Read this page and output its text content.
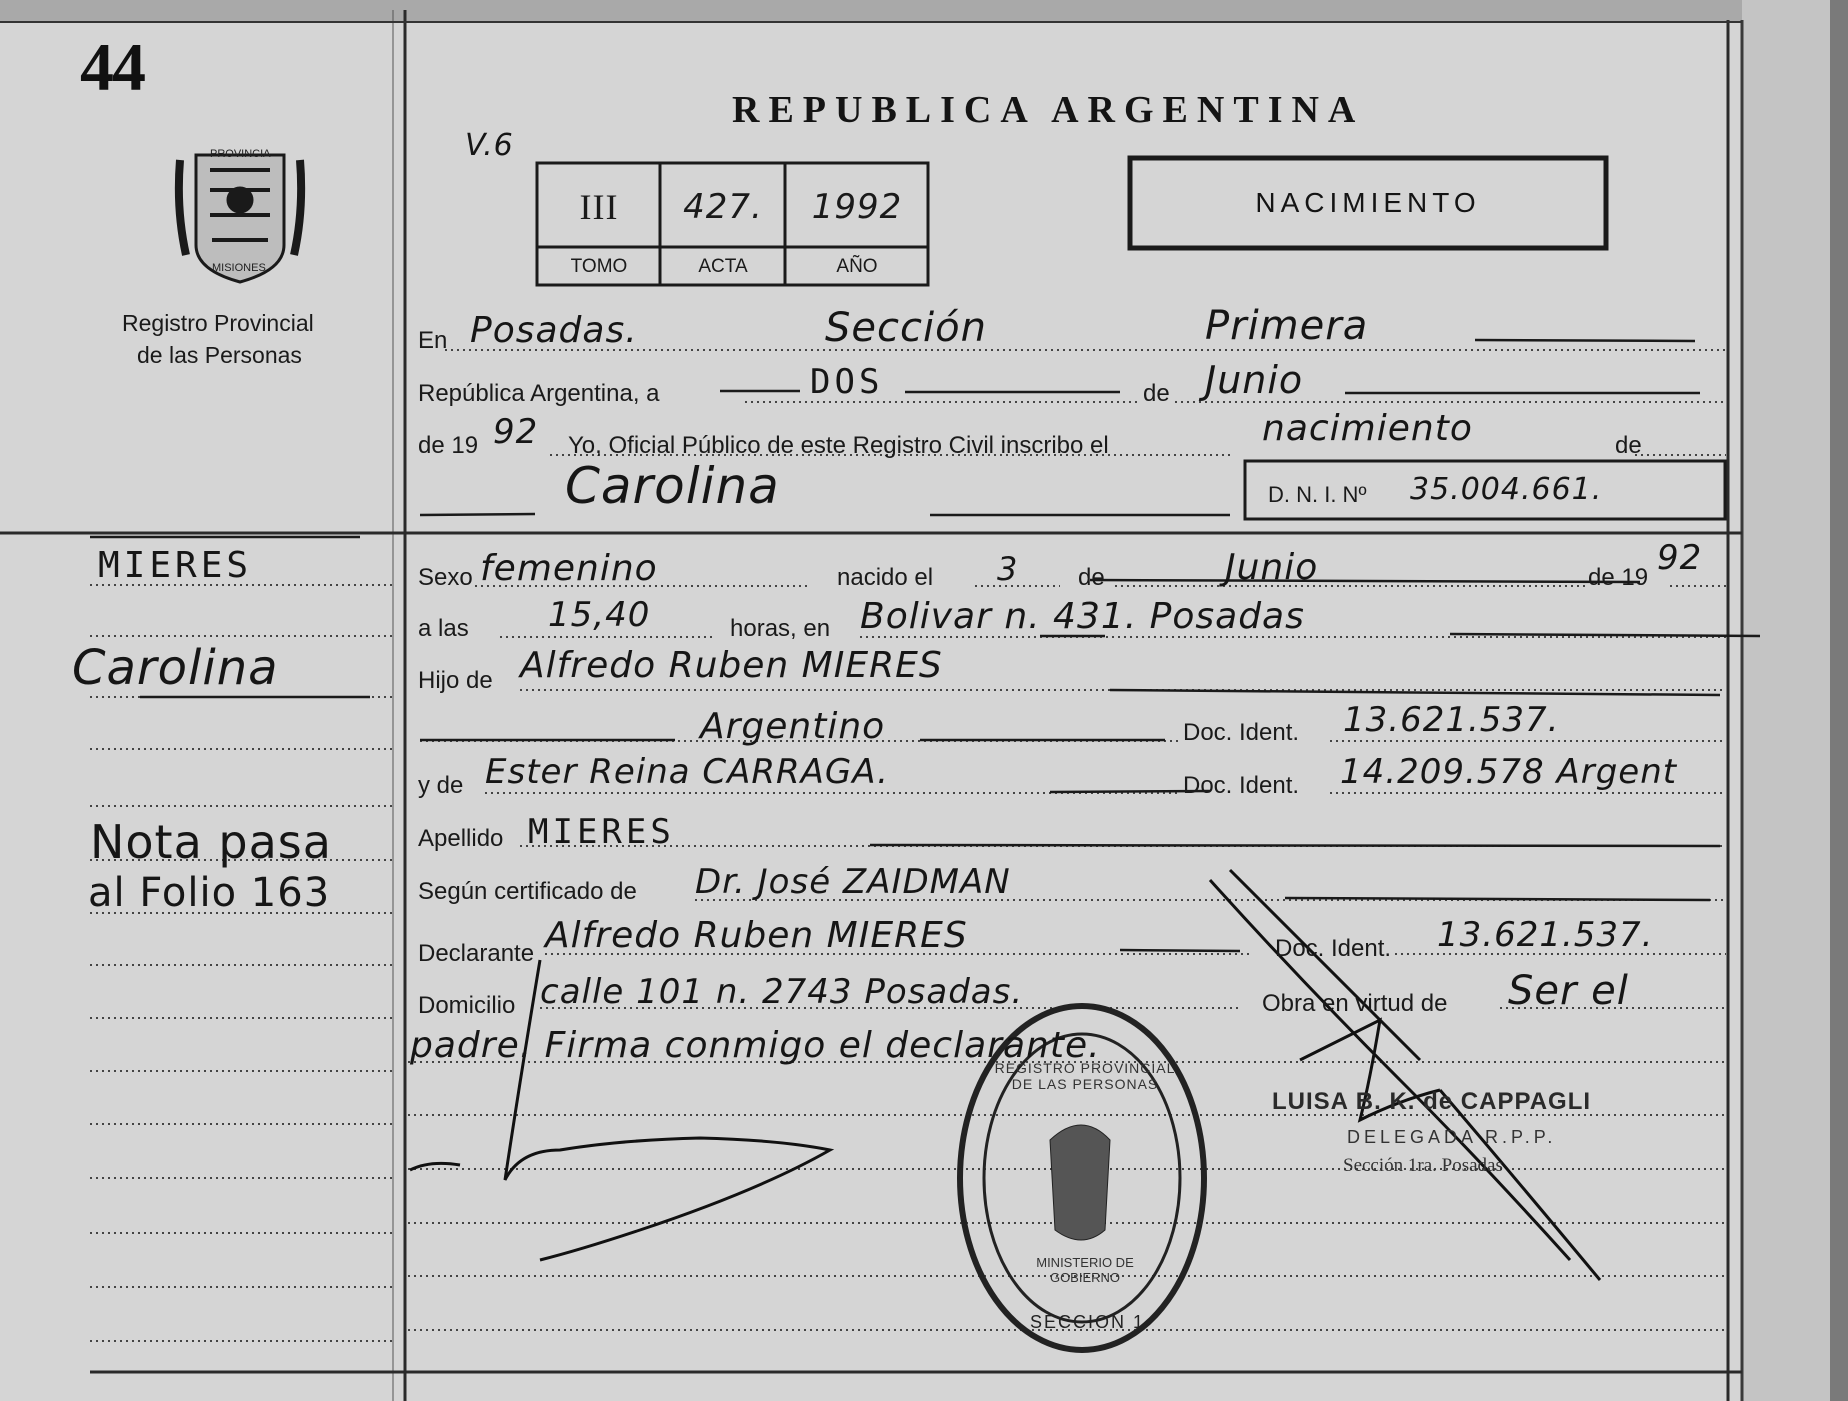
44
PROVINCIA
MISIONES
Registro Provincial
de las Personas
MIERES
Carolina
Nota pasa
al Folio 163
REPUBLICA ARGENTINA
V.6
III	427.	1992
TOMO	ACTA	AÑO
NACIMIENTO
En Posadas.	Sección	Primera
República Argentina, a	DOS	de Junio
de 19 92 Yo, Oficial Público de este Registro Civil inscribo el	nacimiento	de
Carolina	D. N. I. Nº 35.004.661.
Sexo femenino	nacido el 3 de	Junio	de 19 92
a las 15,40	horas, en Bolivar n. 431. Posadas
Hijo de Alfredo Ruben MIERES
Argentino	Doc. Ident. 13.621.537.
y de Ester Reina CARRAGA.	Doc. Ident. 14.209.578 Argent
Apellido MIERES
Según certificado de Dr. José ZAIDMAN
Declarante Alfredo Ruben MIERES	Doc. Ident. 13.621.537.
Domicilio calle 101 n. 2743 Posadas.	Obra en virtud de Ser el
padre. Firma conmigo el declarante.
REGISTRO PROVINCIAL DE LAS PERSONAS
MINISTERIO DE GOBIERNO
SECCION 1
LUISA B. K. de CAPPAGLI
DELEGADA R.P.P.
Sección 1ra. Posadas
